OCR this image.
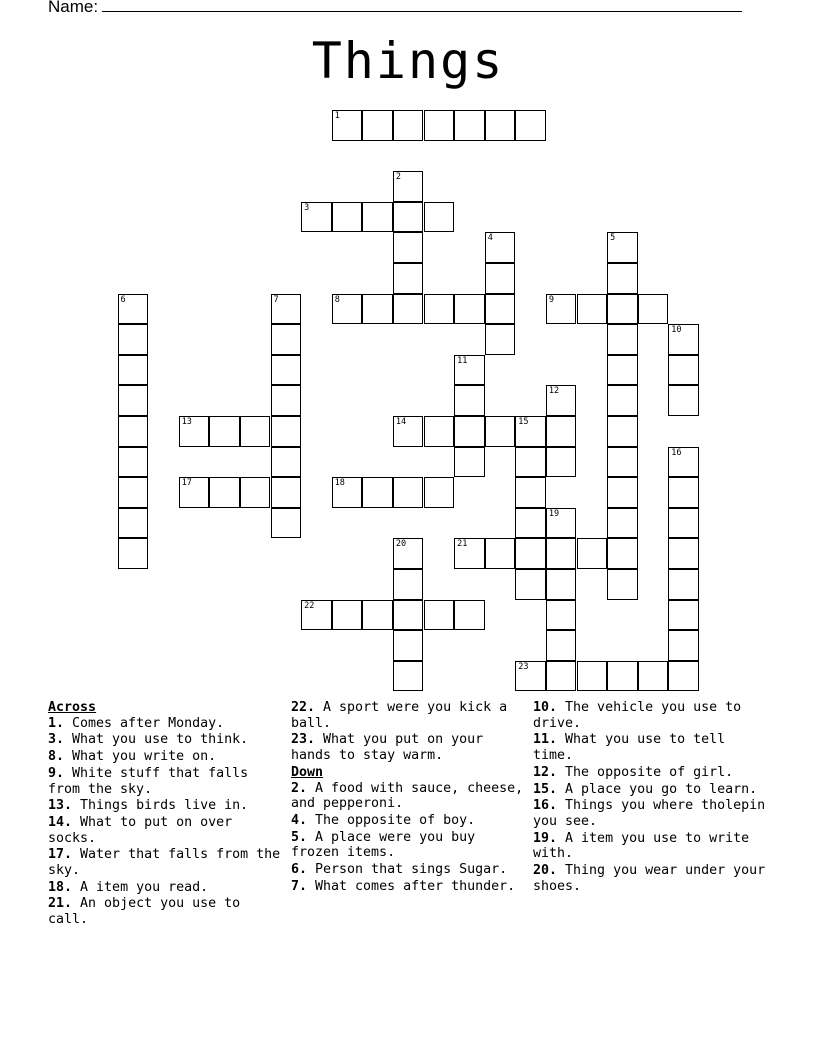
Name:
Things
1
2
3
4	5
6	7	8	9
10
11
12
13	14	15
16
17	18
19
20	21
22
23

Across

1. Comes after Monday.

3. What you use to think.

8. What you write on.

9. White stuff that falls from the sky.

13. Things birds live in.

14. What to put on over socks.

17. Water that falls from the sky.

18. A item you read.

21. An object you use to call.

22. A sport were you kick a ball.

23. What you put on your hands to stay warm.

Down

2. A food with sauce, cheese, and pepperoni.

4. The opposite of boy.

5. A place were you buy frozen items.

6. Person that sings Sugar.

7. What comes after thunder.

10. The vehicle you use to drive.

11. What you use to tell time.

12. The opposite of girl.

15. A place you go to learn.

16. Things you where tholepin you see.

19. A item you use to write with.

20. Thing you wear under your shoes.
